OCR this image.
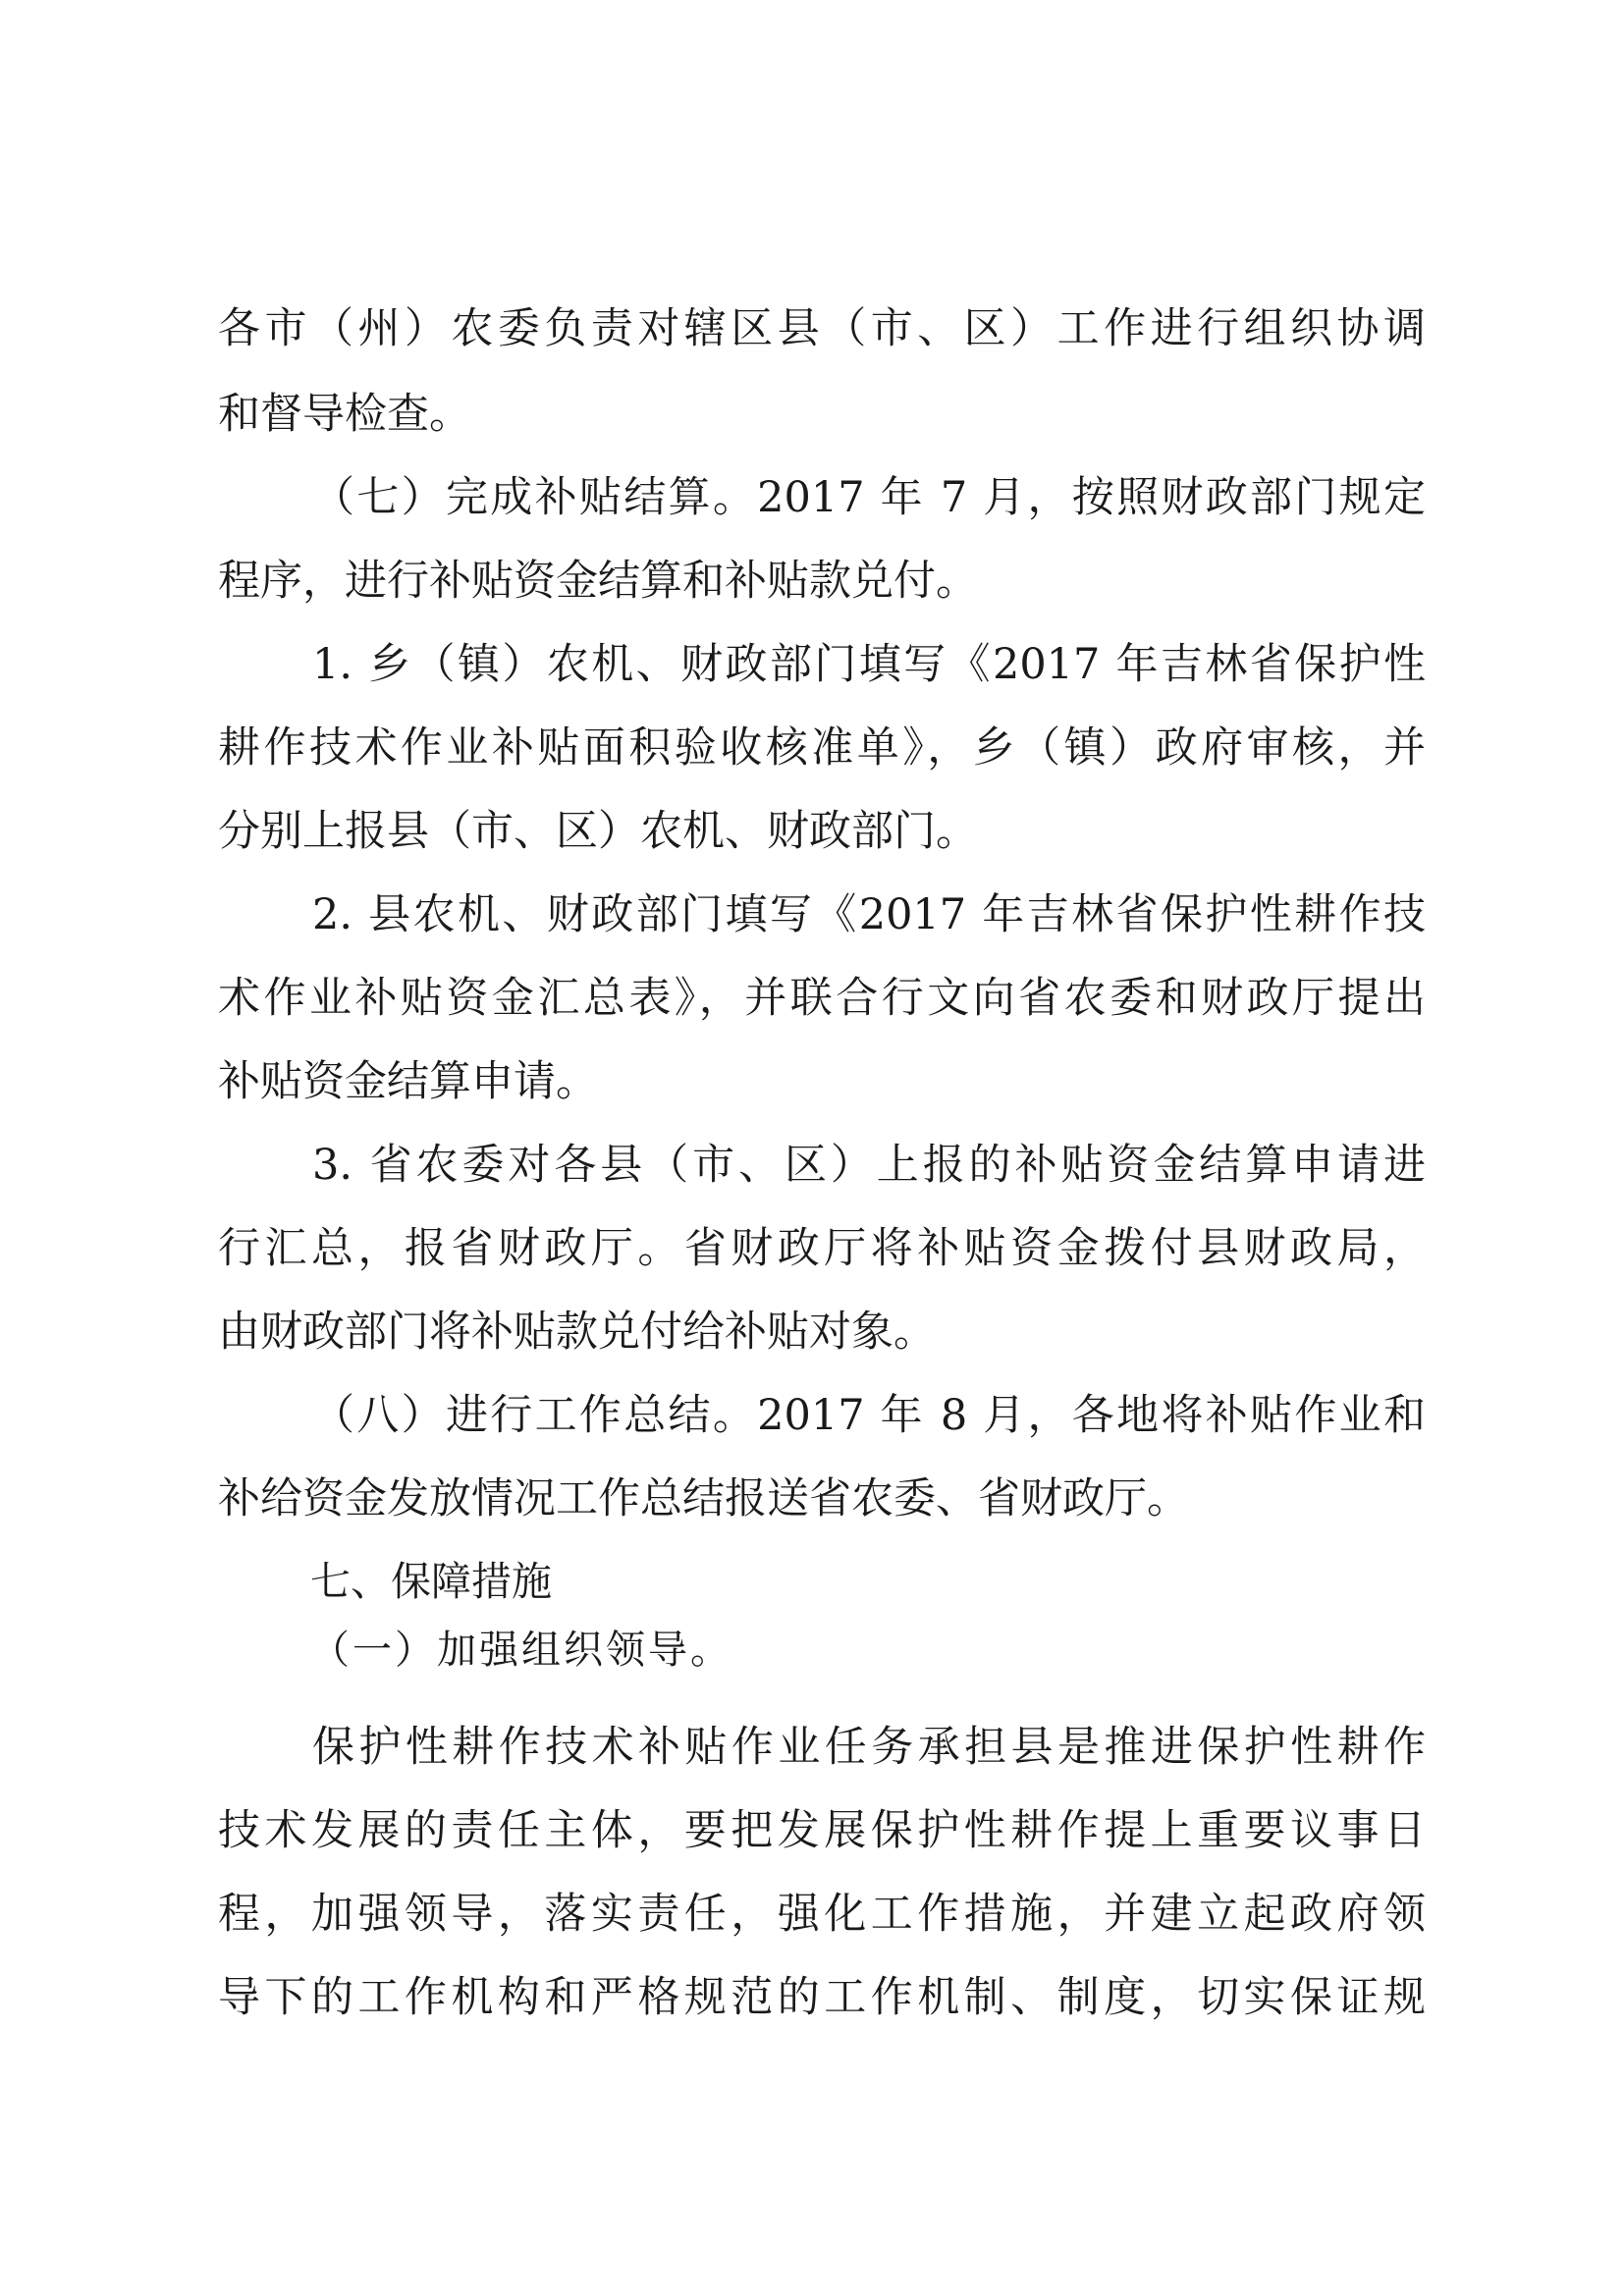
各市（州）农委负责对辖区县（市、区）工作进行组织协调
和督导检查。
（七）完成补贴结算。2017 年 7 月，按照财政部门规定
程序，进行补贴资金结算和补贴款兑付。
1. 乡（镇）农机、财政部门填写《2017 年吉林省保护性
耕作技术作业补贴面积验收核准单》，乡（镇）政府审核，并
分别上报县（市、区）农机、财政部门。
2. 县农机、财政部门填写《2017 年吉林省保护性耕作技
术作业补贴资金汇总表》，并联合行文向省农委和财政厅提出
补贴资金结算申请。
3. 省农委对各县（市、区）上报的补贴资金结算申请进
行汇总，报省财政厅。省财政厅将补贴资金拨付县财政局，
由财政部门将补贴款兑付给补贴对象。
（八）进行工作总结。2017 年 8 月，各地将补贴作业和
补给资金发放情况工作总结报送省农委、省财政厅。
七、保障措施
（一）加强组织领导。
保护性耕作技术补贴作业任务承担县是推进保护性耕作
技术发展的责任主体，要把发展保护性耕作提上重要议事日
程，加强领导，落实责任，强化工作措施，并建立起政府领
导下的工作机构和严格规范的工作机制、制度，切实保证规
